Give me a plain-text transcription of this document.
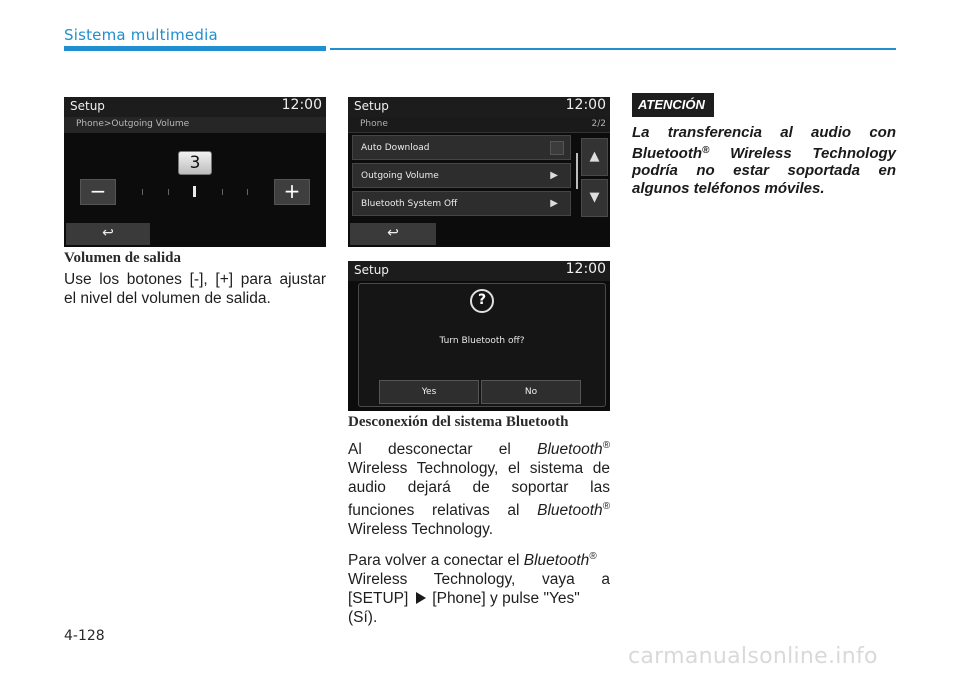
Sistema multimedia
Setup	12:00
Phone>Outgoing Volume
3
−	+
↩
Volumen de salida
Use los botones [-], [+] para ajustar
el nivel del volumen de salida.
Setup	12:00
Phone	2/2
Auto Download
Outgoing Volume	▶
Bluetooth System Off	▶
▲
▼
↩
Setup	12:00
?
Turn Bluetooth off?
Yes	No
Desconexión del sistema Bluetooth

Al desconectar el Bluetooth®
Wireless Technology, el sistema de
audio dejará de soportar las
funciones relativas al Bluetooth®
Wireless Technology.

Para volver a conectar el Bluetooth®
Wireless Technology, vaya a
[SETUP] [Phone] y pulse "Yes"
(Sí).

ATENCIÓN
La transferencia al audio con
Bluetooth® Wireless Technology
podría no estar soportada en
algunos teléfonos móviles.
4-128
carmanualsonline.info
